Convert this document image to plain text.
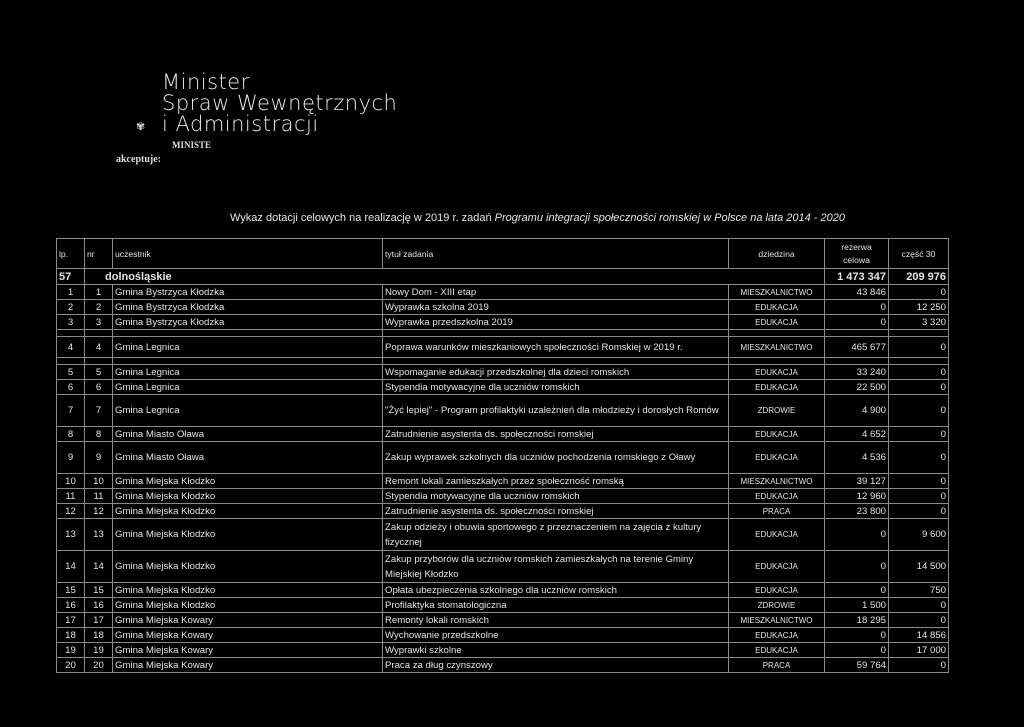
Minister
Spraw Wewnętrznych
i Administracji
✾
MINISTE
akceptuje:
Wykaz dotacji celowych na realizację w 2019 r. zadań Programu integracji społeczności romskiej w Polsce na lata 2014 - 2020
lp.	nr	uczestnik	tytuł zadania	dziedzina	rezerwa celowa	część 30
57	dolnośląskie				1 473 347	209 976
1	1	Gmina Bystrzyca Kłodzka	Nowy Dom - XIII etap	MIESZKALNICTWO	43 846	0
2	2	Gmina Bystrzyca Kłodzka	Wyprawka szkolna 2019	EDUKACJA	0	12 250
3	3	Gmina Bystrzyca Kłodzka	Wyprawka przedszkolna 2019	EDUKACJA	0	3 320

4	4	Gmina Legnica	Poprawa warunków mieszkaniowych społeczności Romskiej w 2019 r.	MIESZKALNICTWO	465 677	0

5	5	Gmina Legnica	Wspomaganie edukacji przedszkolnej dla dzieci romskich	EDUKACJA	33 240	0
6	6	Gmina Legnica	Stypendia motywacyjne dla uczniów romskich	EDUKACJA	22 500	0
7	7	Gmina Legnica	"Żyć lepiej" - Program profilaktyki uzależnień dla młodzieży i dorosłych Romów	ZDROWIE	4 900	0
8	8	Gmina Miasto Oława	Zatrudnienie asystenta ds. społeczności romskiej	EDUKACJA	4 652	0
9	9	Gmina Miasto Oława	Zakup wyprawek szkolnych dla uczniów pochodzenia romskiego z Oławy	EDUKACJA	4 536	0
10	10	Gmina Miejska Kłodzko	Remont lokali zamieszkałych przez społeczność romską	MIESZKALNICTWO	39 127	0
11	11	Gmina Miejska Kłodzko	Stypendia motywacyjne dla uczniów romskich	EDUKACJA	12 960	0
12	12	Gmina Miejska Kłodzko	Zatrudnienie asystenta ds. społeczności romskiej	PRACA	23 800	0
13	13	Gmina Miejska Kłodzko	Zakup odzieży i obuwia sportowego z przeznaczeniem na zajęcia z kultury fizycznej	EDUKACJA	0	9 600
14	14	Gmina Miejska Kłodzko	Zakup przyborów dla uczniów romskich zamieszkałych na terenie Gminy Miejskiej Kłodzko	EDUKACJA	0	14 500
15	15	Gmina Miejska Kłodzko	Opłata ubezpieczenia szkolnego dla uczniów romskich	EDUKACJA	0	750
16	16	Gmina Miejska Kłodzko	Profilaktyka stomatologiczna	ZDROWIE	1 500	0
17	17	Gmina Miejska Kowary	Remonty lokali romskich	MIESZKALNICTWO	18 295	0
18	18	Gmina Miejska Kowary	Wychowanie przedszkolne	EDUKACJA	0	14 856
19	19	Gmina Miejska Kowary	Wyprawki szkolne	EDUKACJA	0	17 000
20	20	Gmina Miejska Kowary	Praca za dług czynszowy	PRACA	59 764	0
